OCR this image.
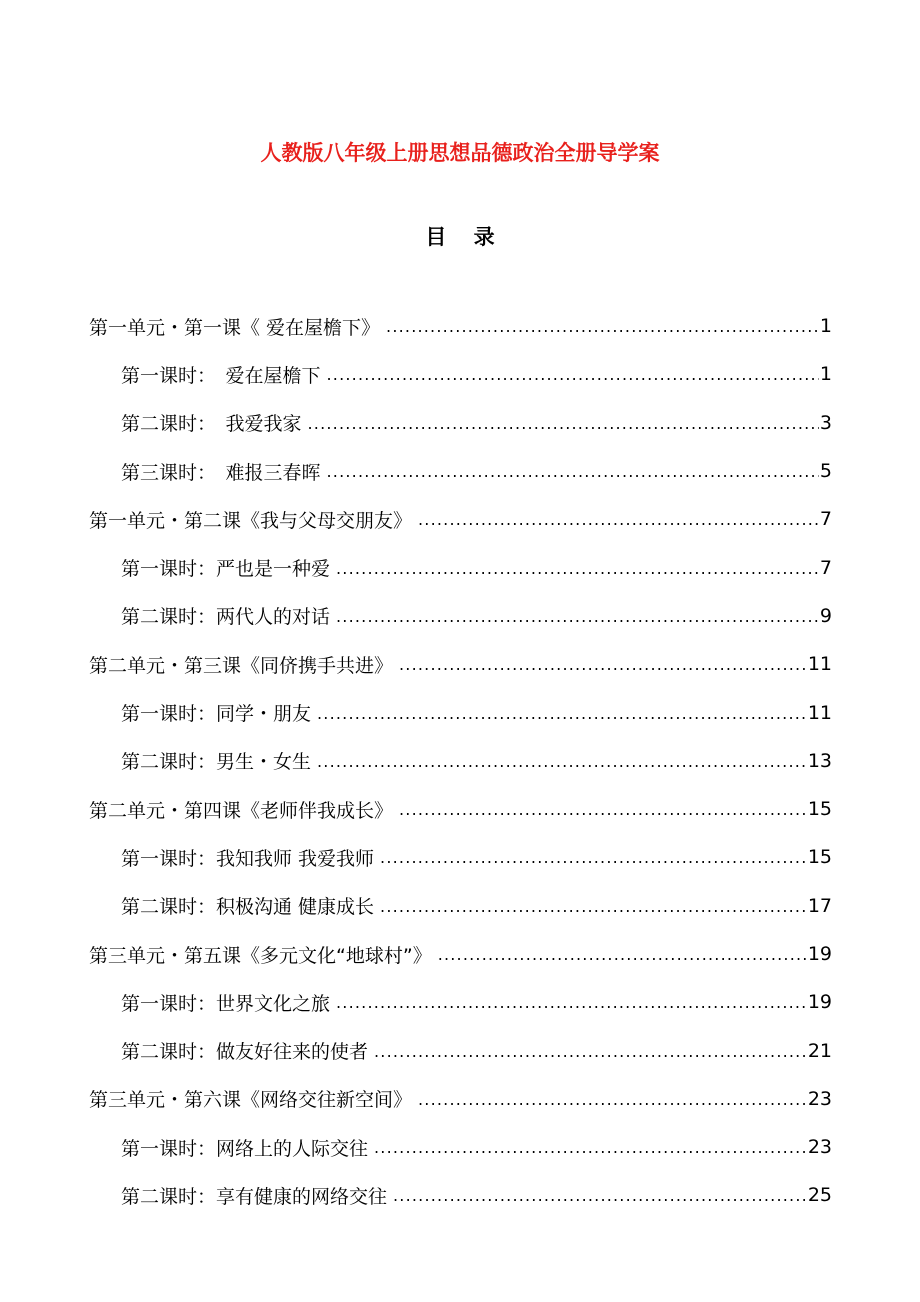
人教版八年级上册思想品德政治全册导学案
目 录
第一单元・第一课《 爱在屋檐下》 .....	1
第一课时：　爱在屋檐下 .....	1
第二课时：　我爱我家 .....	3
第三课时：　难报三春晖 .....	5
第一单元・第二课《我与父母交朋友》 .....	7
第一课时：严也是一种爱 .....	7
第二课时：两代人的对话 .....	9
第二单元・第三课《同侪携手共进》 .....	11
第一课时：同学・朋友 .....	11
第二课时：男生・女生 .....	13
第二单元・第四课《老师伴我成长》 .....	15
第一课时：我知我师 我爱我师 .....	15
第二课时：积极沟通 健康成长 .....	17
第三单元・第五课《多元文化“地球村”》 .....	19
第一课时：世界文化之旅 .....	19
第二课时：做友好往来的使者 .....	21
第三单元・第六课《网络交往新空间》 .....	23
第一课时：网络上的人际交往 .....	23
第二课时：享有健康的网络交往 .....	25
